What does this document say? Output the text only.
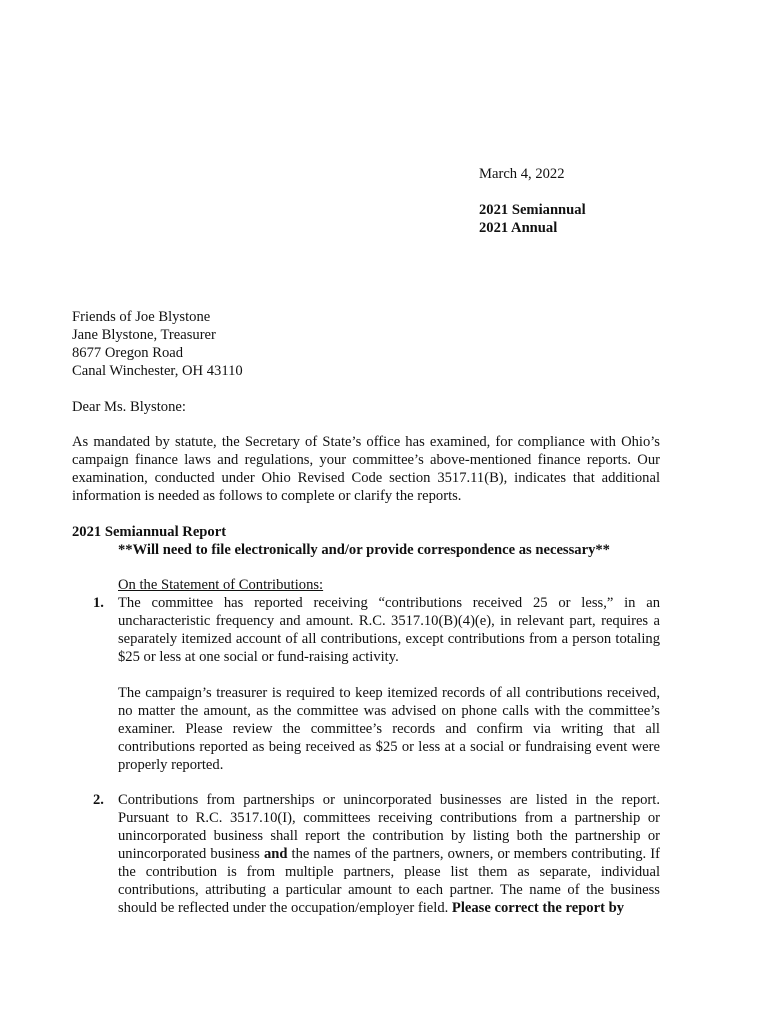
March 4, 2022
2021 Semiannual
2021 Annual
Friends of Joe Blystone
Jane Blystone, Treasurer
8677 Oregon Road
Canal Winchester, OH 43110
Dear Ms. Blystone:

As mandated by statute, the Secretary of State’s office has examined, for compliance with Ohio’s campaign finance laws and regulations, your committee’s above-mentioned finance reports. Our examination, conducted under Ohio Revised Code section 3517.11(B), indicates that additional information is needed as follows to complete or clarify the reports.

2021 Semiannual Report
**Will need to file electronically and/or provide correspondence as necessary**
On the Statement of Contributions:
1. The committee has reported receiving “contributions received 25 or less,” in an uncharacteristic frequency and amount. R.C. 3517.10(B)(4)(e), in relevant part, requires a separately itemized account of all contributions, except contributions from a person totaling $25 or less at one social or fund-raising activity.
The campaign’s treasurer is required to keep itemized records of all contributions received, no matter the amount, as the committee was advised on phone calls with the committee’s examiner. Please review the committee’s records and confirm via writing that all contributions reported as being received as $25 or less at a social or fundraising event were properly reported.
2. Contributions from partnerships or unincorporated businesses are listed in the report. Pursuant to R.C. 3517.10(I), committees receiving contributions from a partnership or unincorporated business shall report the contribution by listing both the partnership or unincorporated business and the names of the partners, owners, or members contributing. If the contribution is from multiple partners, please list them as separate, individual contributions, attributing a particular amount to each partner. The name of the business should be reflected under the occupation/employer field. Please correct the report by
